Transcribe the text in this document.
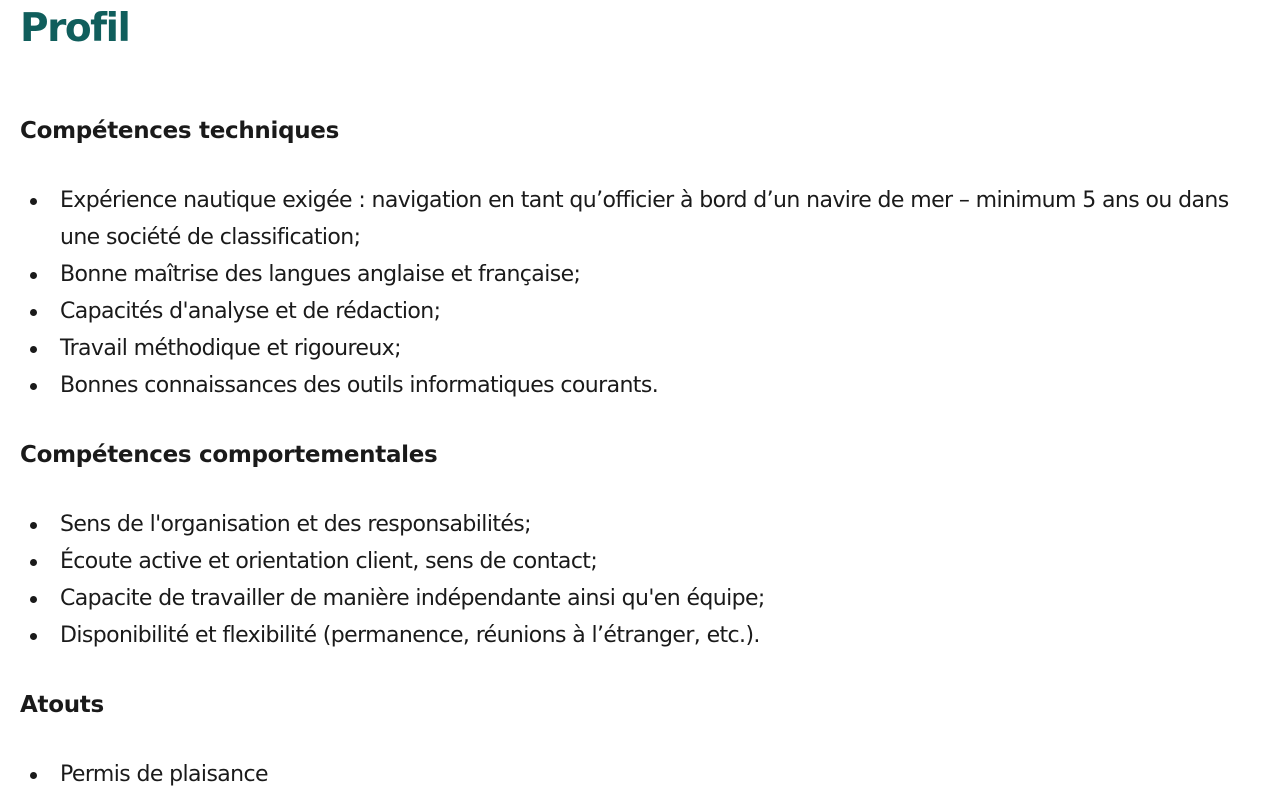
Profil
Compétences techniques
Expérience nautique exigée : navigation en tant qu’officier à bord d’un navire de mer – minimum 5 ans ou dans une société de classification;
Bonne maîtrise des langues anglaise et française;
Capacités d'analyse et de rédaction;
Travail méthodique et rigoureux;
Bonnes connaissances des outils informatiques courants.
Compétences comportementales
Sens de l'organisation et des responsabilités;
Écoute active et orientation client, sens de contact;
Capacite de travailler de manière indépendante ainsi qu'en équipe;
Disponibilité et flexibilité (permanence, réunions à l’étranger, etc.).
Atouts
Permis de plaisance
